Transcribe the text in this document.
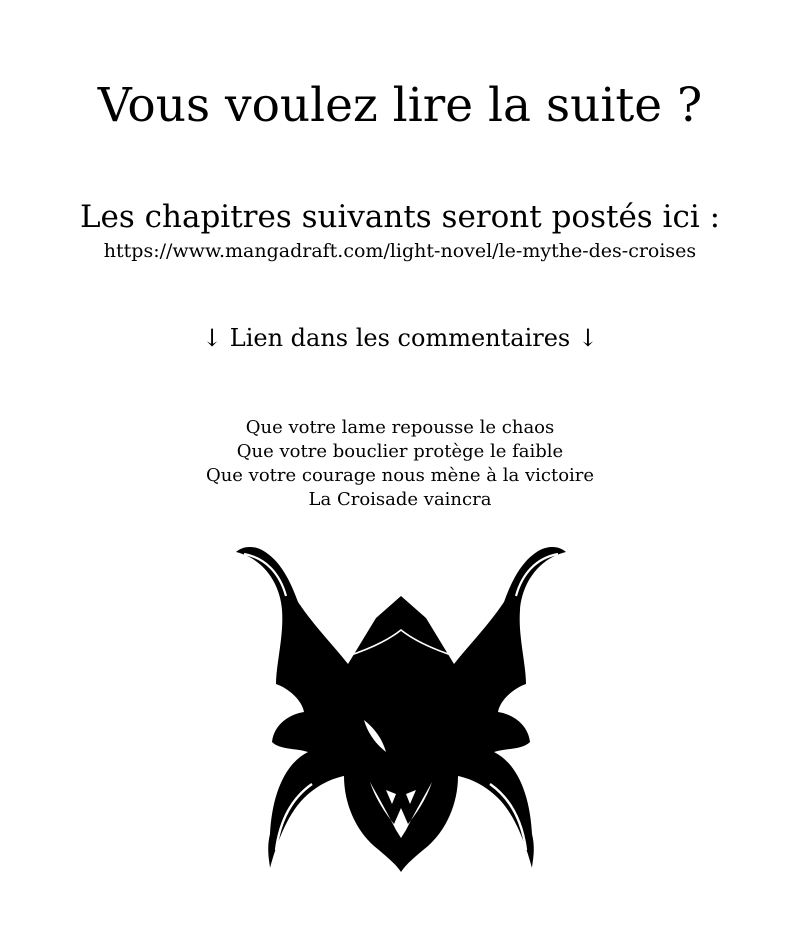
Vous voulez lire la suite ?
Les chapitres suivants seront postés ici :
https://www.mangadraft.com/light-novel/le-mythe-des-croises
↓ Lien dans les commentaires ↓
Que votre lame repousse le chaos
Que votre bouclier protège le faible
Que votre courage nous mène à la victoire
La Croisade vaincra
